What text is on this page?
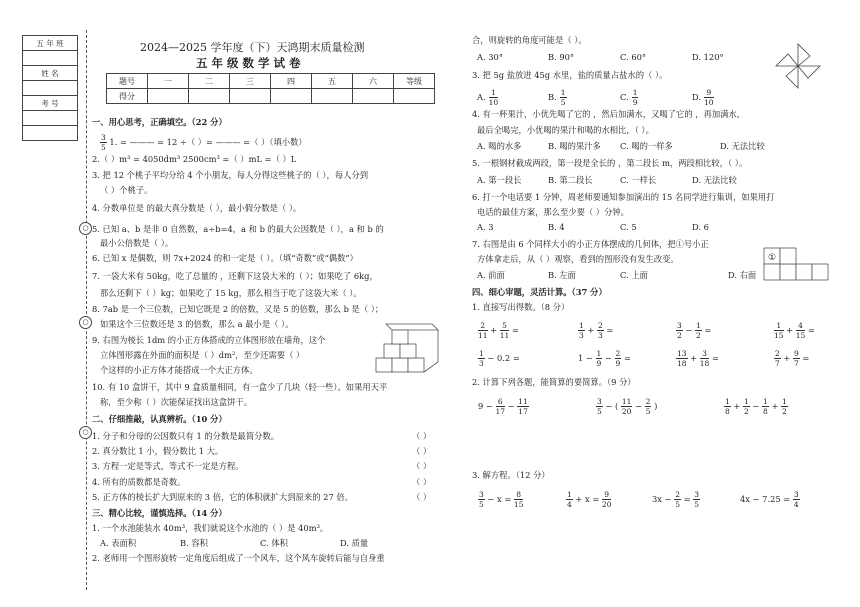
五 年 班

姓 名

考 号

○
○
○
2024—2025 学年度（下）天鸿期末质量检测
五 年 级 数 学 试 卷
题号	一	二	三	四	五	六	等级
得分							
一、用心思考，正确填空。（22 分）
$\frac{3}{5} 1$. = ——— = 12 ÷（ ）= ——— =（ ）（填小数）
2.（ ）m³ = 4050dm³ 2500cm³ =（ ）mL =（ ）L
3. 把 12 个桃子平均分给 4 个小朋友，每人分得这些桃子的（ ），每人分到
（ ）个桃子。
4. 分数单位是 的最大真分数是（ ），最小假分数是（ ）。
5. 已知 a、b 是非 0 自然数，a÷b=4，a 和 b 的最大公因数是（ ），a 和 b 的
最小公倍数是（ ）。
6. 已知 x 是偶数，则 7x+2024 的和一定是（ ）。（填“奇数”或“偶数”）
7. 一袋大米有 50kg，吃了总量的 ，还剩下这袋大米的（ ）；如果吃了 6kg，
那么还剩下（ ）kg；如果吃了 15 kg，那么相当于吃了这袋大米（ ）。
8. 7ab 是一个三位数，已知它既是 2 的倍数，又是 5 的倍数，那么 b 是（ ）；
如果这个三位数还是 3 的倍数，那么 a 最小是（ ）。
9. 右图为棱长 1dm 的小正方体搭成的立体图形放在墙角，这个
立体图形露在外面的面积是（ ）dm²，至少还需要（ ）
个这样的小正方体才能搭成一个大正方体。
10. 有 10 盒饼干，其中 9 盒质量相同，有一盒少了几块（轻一些）。如果用天平
称，至少称（ ）次能保证找出这盒饼干。
二、仔细推敲，认真辨析。（10 分）
1. 分子和分母的公因数只有 1 的分数是最简分数。
2. 真分数比 1 小，假分数比 1 大。
3. 方程一定是等式，等式不一定是方程。
4. 所有的质数都是奇数。
5. 正方体的棱长扩大到原来的 3 倍，它的体积就扩大到原来的 27 倍。
（ ）
（ ）
（ ）
（ ）
（ ）
三、精心比较，谨慎选择。（14 分）
1. 一个水池能装水 40m³，我们就说这个水池的（ ）是 40m³。
A. 表面积	B. 容积	C. 体积	D. 质量
2. 老师用一个图形旋转一定角度后组成了一个风车，这个风车旋转后能与自身重
合，则旋转的角度可能是（ ）。
A. 30°	B. 90°	C. 60°	D. 120°
3. 把 5g 盐放进 45g 水里，盐的质量占盐水的（ ）。
A. $\frac{1}{10}$	B. $\frac{1}{5}$	C. $\frac{1}{9}$	D. $\frac{9}{10}$
4. 有一杯果汁，小优先喝了它的 ，然后加满水，又喝了它的 ，再加满水，
最后全喝完，小优喝的果汁和喝的水相比，（ ）。
A. 喝的水多	B. 喝的果汁多 C. 喝的一样多	D. 无法比较
5. 一根钢材截成两段，第一段是全长的 ，第二段长 m，两段相比较，（ ）。
A. 第一段长	B. 第二段长	C. 一样长	D. 无法比较
6. 打一个电话要 1 分钟，周老师要通知参加演出的 15 名同学进行集训，如果用打
电话的最佳方案，那么至少要（ ）分钟。
A. 3	B. 4	C. 5	D. 6
7. 右图是由 6 个同样大小的小正方体摆成的几何体，把①号小正
方体拿走后，从（ ）观察，看到的图形没有发生改变。
A. 前面	B. 左面	C. 上面	D. 右面
①
四、细心审题，灵活计算。（37 分）
1. 直接写出得数。（8 分）
$\frac{2}{11} + \frac{5}{11}$ =	$\frac{1}{3} + \frac{2}{3}$ =	$\frac{3}{2} - \frac{1}{2}$ =	$\frac{1}{15} + \frac{4}{15}$ =
$\frac{1}{3} - 0.2$ =	$1 - \frac{1}{9} - \frac{2}{9}$ =	$\frac{13}{18} + \frac{3}{18}$ =	$\frac{2}{7} + \frac{9}{7}$ =
2. 计算下列各题，能简算的要简算。（9 分）
$9 - \frac{6}{17} - \frac{11}{17}$	$\frac{3}{5}$ − ( $\frac{11}{20} - \frac{2}{5}$ )	$\frac{1}{8} + \frac{1}{2} - \frac{1}{8} + \frac{1}{2}$
3. 解方程。（12 分）
$\frac{3}{5} - x = \frac{8}{15}$	$\frac{1}{4} + x = \frac{9}{20}$	$3x - \frac{2}{5} = \frac{3}{5}$	$4x - 7.25 = \frac{3}{4}$
